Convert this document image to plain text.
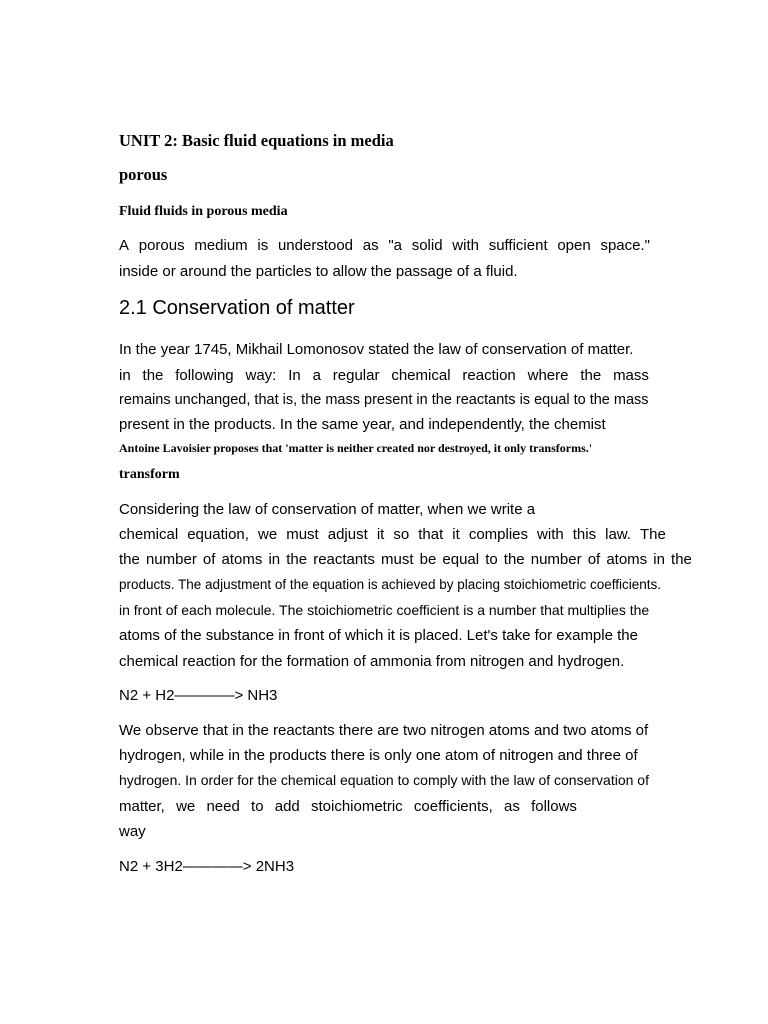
UNIT 2: Basic fluid equations in media
porous
Fluid fluids in porous media
A porous medium is understood as "a solid with sufficient open space."
inside or around the particles to allow the passage of a fluid.
2.1 Conservation of matter
In the year 1745, Mikhail Lomonosov stated the law of conservation of matter.
in the following way: In a regular chemical reaction where the mass
remains unchanged, that is, the mass present in the reactants is equal to the mass
present in the products. In the same year, and independently, the chemist
Antoine Lavoisier proposes that 'matter is neither created nor destroyed, it only transforms.'
transform
Considering the law of conservation of matter, when we write a
chemical equation, we must adjust it so that it complies with this law. The
the number of atoms in the reactants must be equal to the number of atoms in the
products. The adjustment of the equation is achieved by placing stoichiometric coefficients.
in front of each molecule. The stoichiometric coefficient is a number that multiplies the
atoms of the substance in front of which it is placed. Let's take for example the
chemical reaction for the formation of ammonia from nitrogen and hydrogen.
N2 + H2————> NH3
We observe that in the reactants there are two nitrogen atoms and two atoms of
hydrogen, while in the products there is only one atom of nitrogen and three of
hydrogen. In order for the chemical equation to comply with the law of conservation of
matter, we need to add stoichiometric coefficients, as follows
way
N2 + 3H2————> 2NH3
